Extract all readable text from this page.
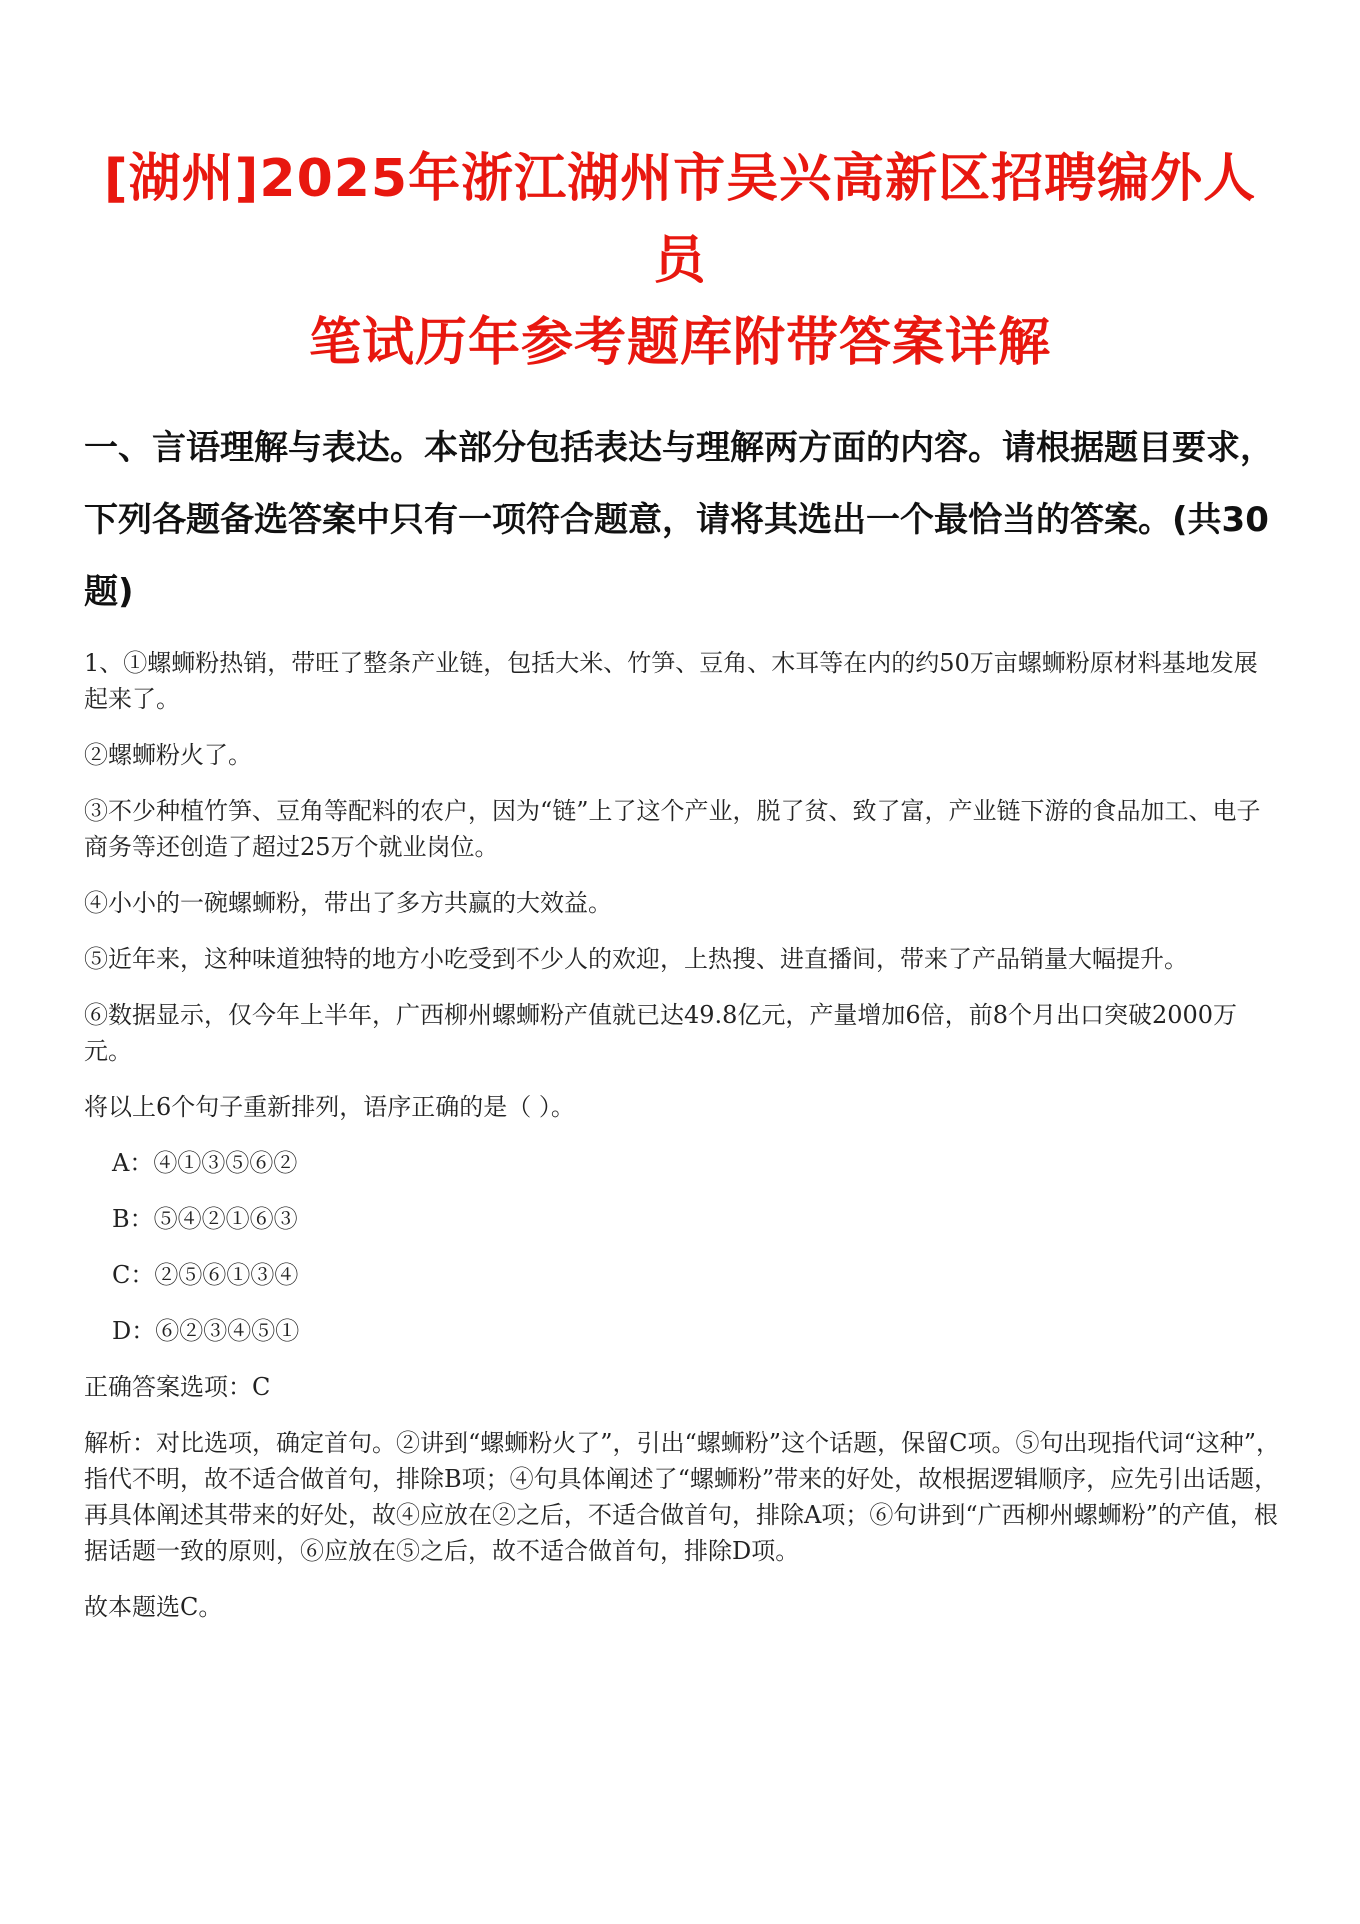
[湖州]2025年浙江湖州市吴兴高新区招聘编外人员
笔试历年参考题库附带答案详解
一、言语理解与表达。本部分包括表达与理解两方面的内容。请根据题目要求，下列各题备选答案中只有一项符合题意，请将其选出一个最恰当的答案。(共30题)

1、①螺蛳粉热销，带旺了整条产业链，包括大米、竹笋、豆角、木耳等在内的约50万亩螺蛳粉原材料基地发展起来了。

②螺蛳粉火了。

③不少种植竹笋、豆角等配料的农户，因为“链”上了这个产业，脱了贫、致了富，产业链下游的食品加工、电子商务等还创造了超过25万个就业岗位。

④小小的一碗螺蛳粉，带出了多方共赢的大效益。

⑤近年来，这种味道独特的地方小吃受到不少人的欢迎，上热搜、进直播间，带来了产品销量大幅提升。

⑥数据显示，仅今年上半年，广西柳州螺蛳粉产值就已达49.8亿元，产量增加6倍，前8个月出口突破2000万元。

将以上6个句子重新排列，语序正确的是（ ）。

A：④①③⑤⑥②
B：⑤④②①⑥③
C：②⑤⑥①③④
D：⑥②③④⑤①

正确答案选项：C

解析：对比选项，确定首句。②讲到“螺蛳粉火了”，引出“螺蛳粉”这个话题，保留C项。⑤句出现指代词“这种”，指代不明，故不适合做首句，排除B项；④句具体阐述了“螺蛳粉”带来的好处，故根据逻辑顺序，应先引出话题，再具体阐述其带来的好处，故④应放在②之后，不适合做首句，排除A项；⑥句讲到“广西柳州螺蛳粉”的产值，根据话题一致的原则，⑥应放在⑤之后，故不适合做首句，排除D项。

故本题选C。
